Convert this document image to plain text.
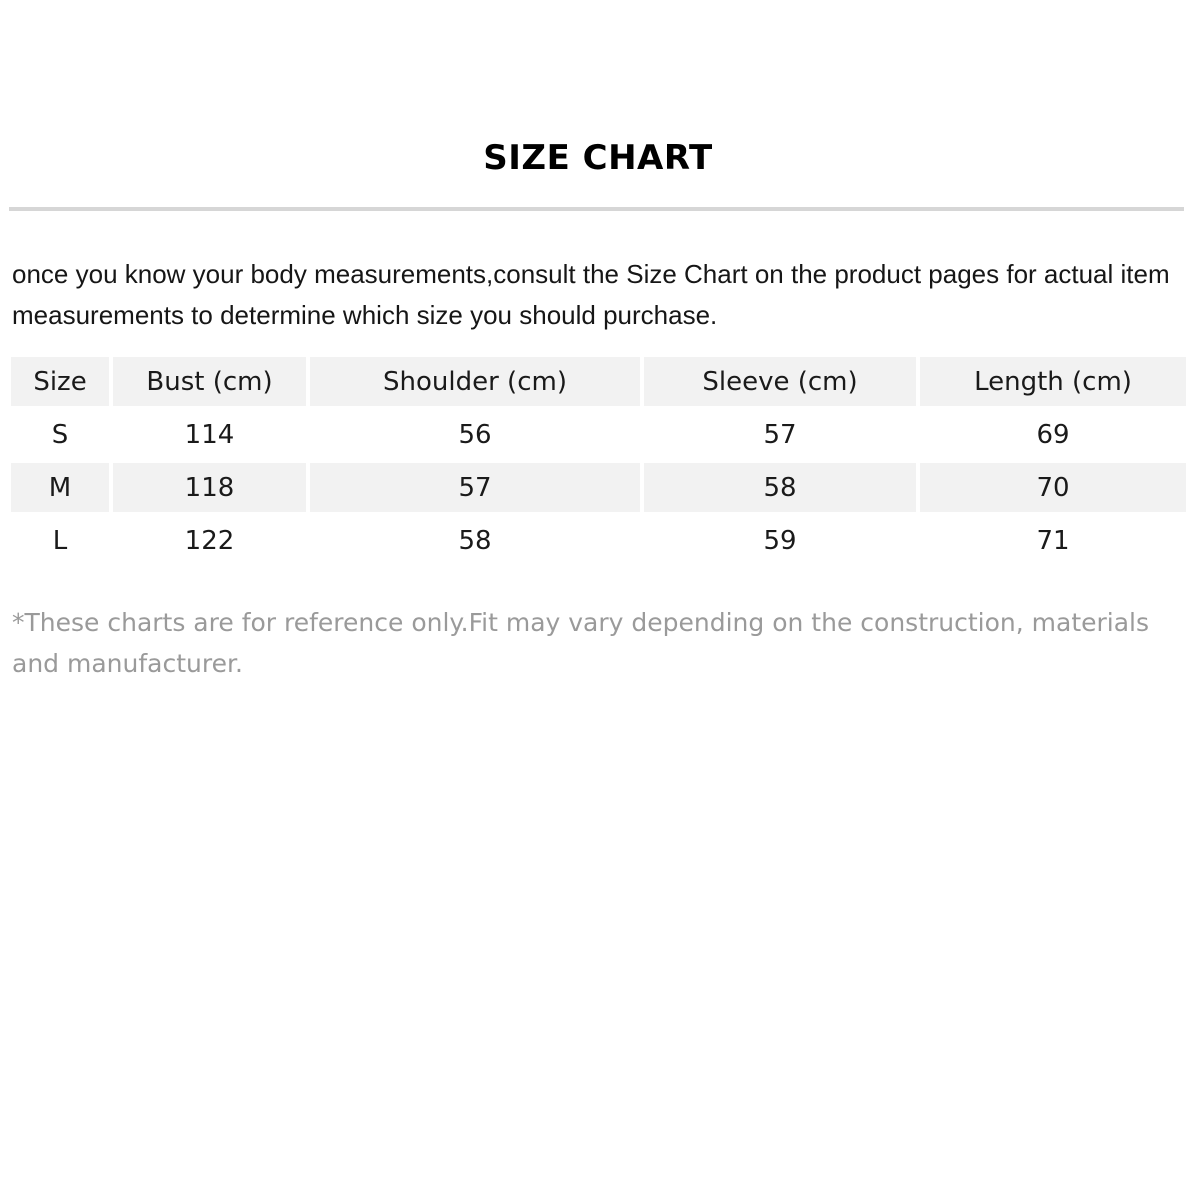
SIZE CHART
once you know your body measurements,consult the Size Chart on the product pages for actual item measurements to determine which size you should purchase.
Size	Bust (cm)	Shoulder (cm)	Sleeve (cm)	Length (cm)
S	114	56	57	69
M	118	57	58	70
L	122	58	59	71
*These charts are for reference only.Fit may vary depending on the construction, materials and manufacturer.
